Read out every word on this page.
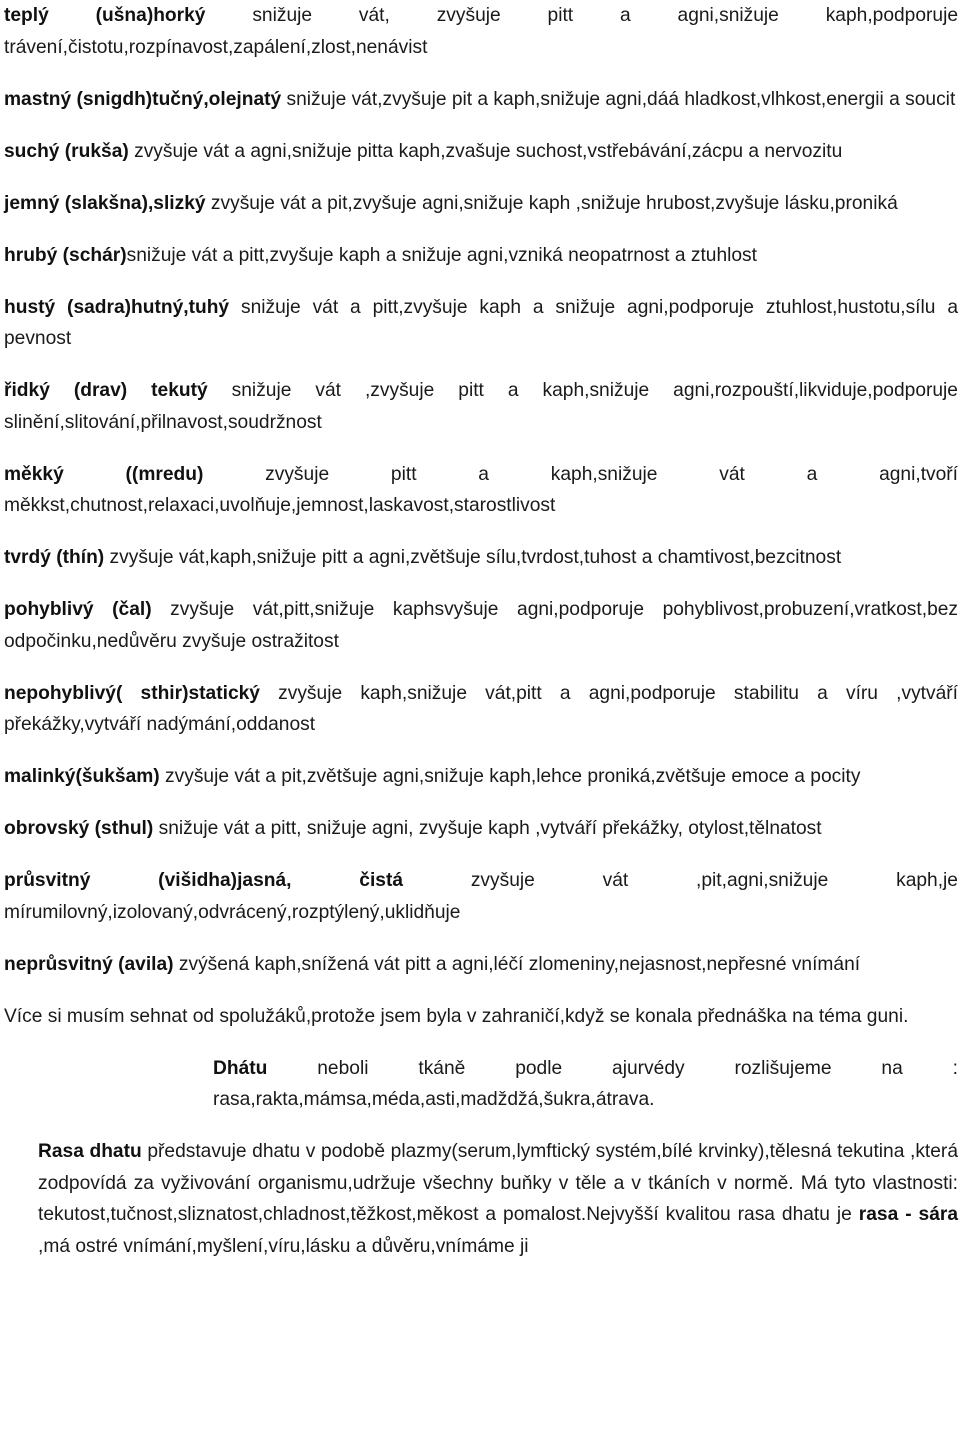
teplý (ušna)horký snižuje vát, zvyšuje pitt a agni,snižuje kaph,podporuje trávení,čistotu,rozpínavost,zapálení,zlost,nenávist

mastný (snigdh)tučný,olejnatý snižuje vát,zvyšuje pit a kaph,snižuje agni,dáá hladkost,vlhkost,energii a soucit

suchý (rukša) zvyšuje vát a agni,snižuje pitta kaph,zvašuje suchost,vstřebávání,zácpu a nervozitu

jemný (slakšna),slizký zvyšuje vát a pit,zvyšuje agni,snižuje kaph ,snižuje hrubost,zvyšuje lásku,proniká

hrubý (schár)snižuje vát a pitt,zvyšuje kaph a snižuje agni,vzniká neopatrnost a ztuhlost

hustý (sadra)hutný,tuhý snižuje vát a pitt,zvyšuje kaph a snižuje agni,podporuje ztuhlost,hustotu,sílu a pevnost

řidký (drav) tekutý snižuje vát ,zvyšuje pitt a kaph,snižuje agni,rozpouští,likviduje,podporuje slinění,slitování,přilnavost,soudržnost

měkký ((mredu) zvyšuje pitt a kaph,snižuje vát a agni,tvoří měkkst,chutnost,relaxaci,uvolňuje,jemnost,laskavost,starostlivost

tvrdý (thín) zvyšuje vát,kaph,snižuje pitt a agni,zvětšuje sílu,tvrdost,tuhost a chamtivost,bezcitnost

pohyblivý (čal) zvyšuje vát,pitt,snižuje kaphsvyšuje agni,podporuje pohyblivost,probuzení,vratkost,bez odpočinku,nedůvěru zvyšuje ostražitost

nepohyblivý( sthir)statický zvyšuje kaph,snižuje vát,pitt a agni,podporuje stabilitu a víru ,vytváří překážky,vytváří nadýmání,oddanost

malinký(šukšam) zvyšuje vát a pit,zvětšuje agni,snižuje kaph,lehce proniká,zvětšuje emoce a pocity

obrovský (sthul) snižuje vát a pitt, snižuje agni, zvyšuje kaph ,vytváří překážky, otylost,tělnatost

průsvitný (višidha)jasná, čistá zvyšuje vát ,pit,agni,snižuje kaph,je mírumilovný,izolovaný,odvrácený,rozptýlený,uklidňuje

neprůsvitný (avila) zvýšená kaph,snížená vát pitt a agni,léčí zlomeniny,nejasnost,nepřesné vnímání

Více si musím sehnat od spolužáků,protože jsem byla v zahraničí,když se konala přednáška na téma guni.

Dhátu neboli tkáně podle ajurvédy rozlišujeme na : rasa,rakta,mámsa,méda,asti,madždžá,šukra,átrava.

Rasa dhatu představuje dhatu v podobě plazmy(serum,lymftický systém,bílé krvinky),tělesná tekutina ,která zodpovídá za vyživování organismu,udržuje všechny buňky v těle a v tkáních v normě. Má tyto vlastnosti: tekutost,tučnost,sliznatost,chladnost,těžkost,měkost a pomalost.Nejvyšší kvalitou rasa dhatu je rasa - sára ,má ostré vnímání,myšlení,víru,lásku a důvěru,vnímáme ji
